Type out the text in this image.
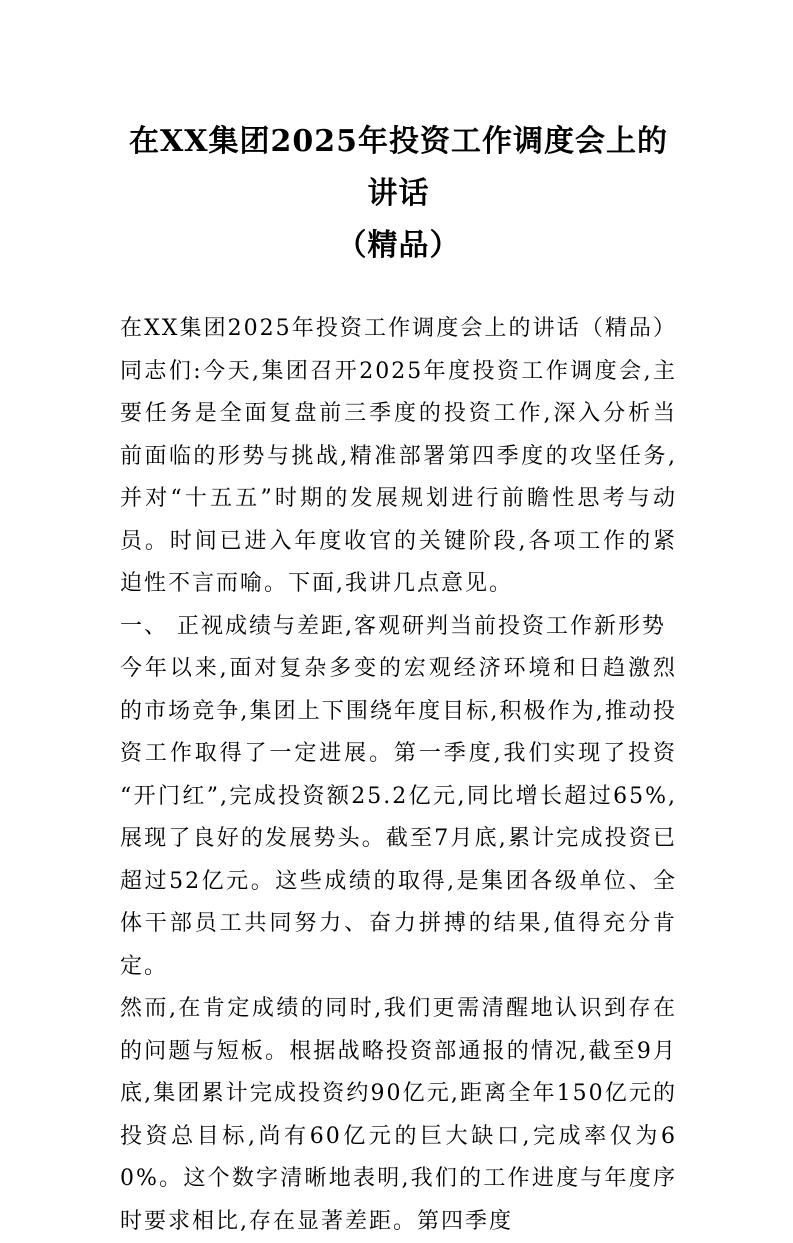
在XX集团2025年投资工作调度会上的讲话
（精品）

在XX集团2025年投资工作调度会上的讲话（精品）同志们:今天,集团召开2025年度投资工作调度会,主要任务是全面复盘前三季度的投资工作,深入分析当前面临的形势与挑战,精准部署第四季度的攻坚任务,并对“十五五”时期的发展规划进行前瞻性思考与动员。时间已进入年度收官的关键阶段,各项工作的紧迫性不言而喻。下面,我讲几点意见。

一、 正视成绩与差距,客观研判当前投资工作新形势

今年以来,面对复杂多变的宏观经济环境和日趋激烈的市场竞争,集团上下围绕年度目标,积极作为,推动投资工作取得了一定进展。第一季度,我们实现了投资“开门红”,完成投资额25.2亿元,同比增长超过65%,展现了良好的发展势头。截至7月底,累计完成投资已超过52亿元。这些成绩的取得,是集团各级单位、全体干部员工共同努力、奋力拼搏的结果,值得充分肯定。

然而,在肯定成绩的同时,我们更需清醒地认识到存在的问题与短板。根据战略投资部通报的情况,截至9月底,集团累计完成投资约90亿元,距离全年150亿元的投资总目标,尚有60亿元的巨大缺口,完成率仅为60%。这个数字清晰地表明,我们的工作进度与年度序时要求相比,存在显著差距。第四季度
